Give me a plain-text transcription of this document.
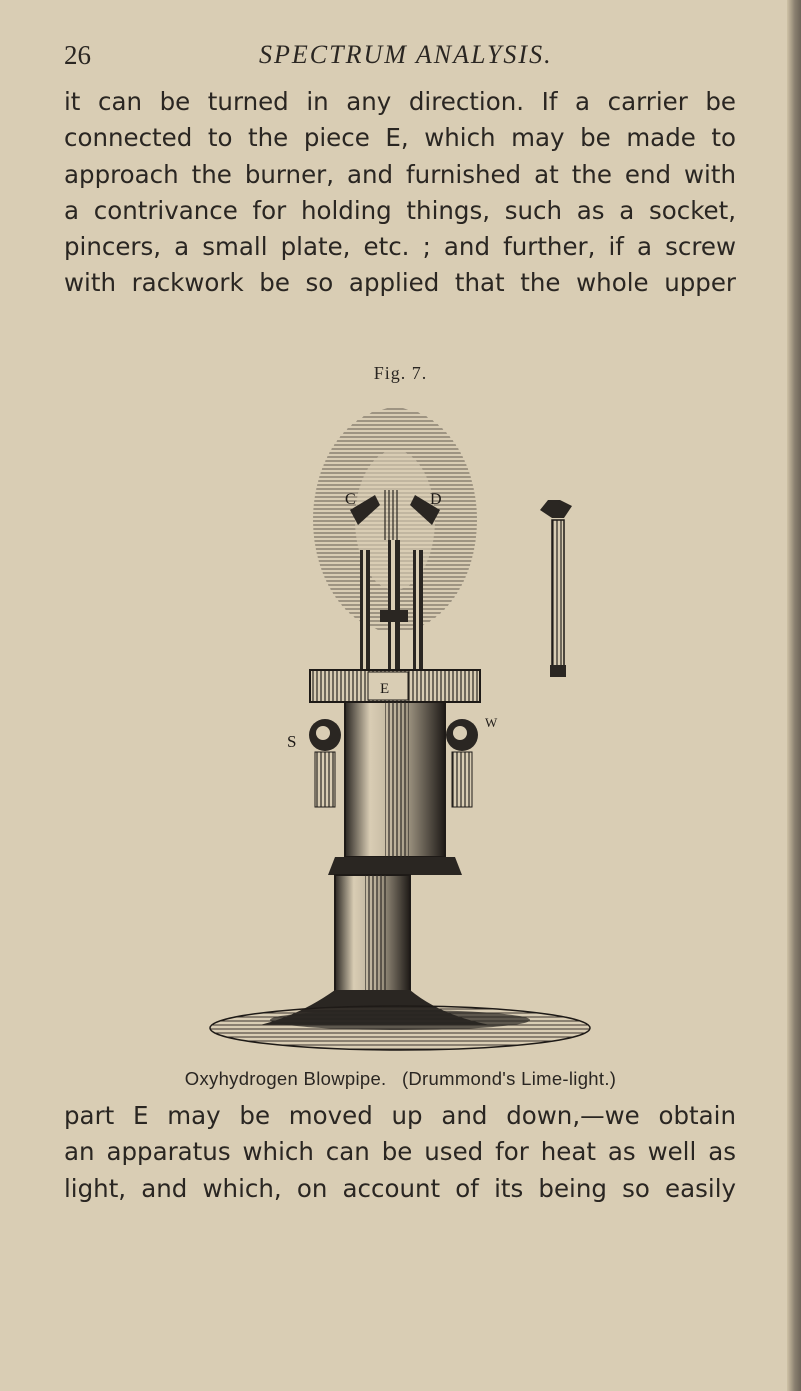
26	SPECTRUM ANALYSIS.
it can be turned in any direction. If a carrier be
connected to the piece E, which may be made to
approach the burner, and furnished at the end with
a contrivance for holding things, such as a socket,
pincers, a small plate, etc. ; and further, if a screw
with rackwork be so applied that the whole upper
Fig. 7.
C	D
E
S
W
Oxyhydrogen Blowpipe. (Drummond's Lime-light.)
part E may be moved up and down,—we obtain
an apparatus which can be used for heat as well as
light, and which, on account of its being so easily
